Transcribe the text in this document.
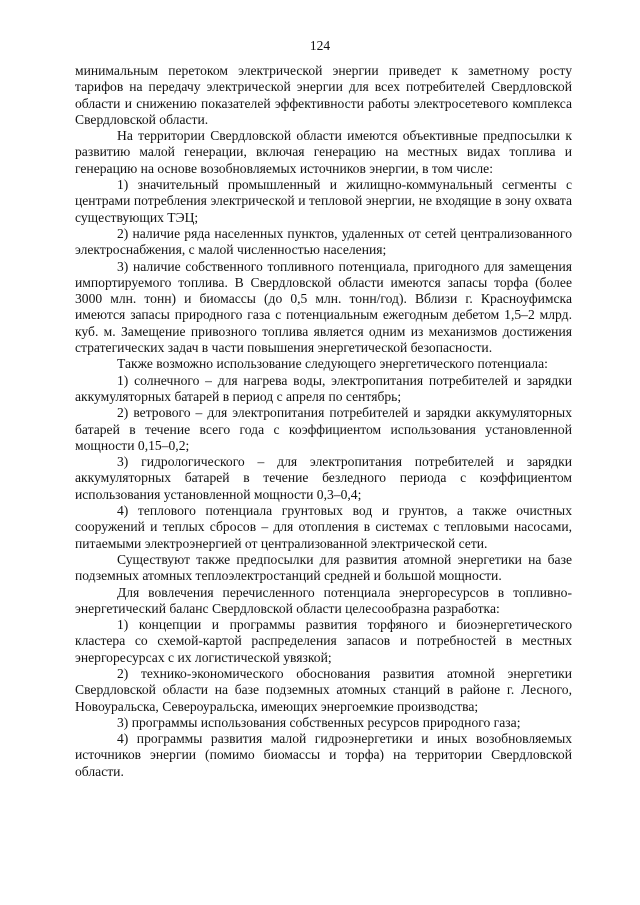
124

минимальным перетоком электрической энергии приведет к заметному росту тарифов на передачу электрической энергии для всех потребителей Свердловской области и снижению показателей эффективности работы электросетевого комплекса Свердловской области.

На территории Свердловской области имеются объективные предпосылки к развитию малой генерации, включая генерацию на местных видах топлива и генерацию на основе возобновляемых источников энергии, в том числе:

1) значительный промышленный и жилищно-коммунальный сегменты с центрами потребления электрической и тепловой энергии, не входящие в зону охвата существующих ТЭЦ;

2) наличие ряда населенных пунктов, удаленных от сетей централизованного электроснабжения, с малой численностью населения;

3) наличие собственного топливного потенциала, пригодного для замещения импортируемого топлива. В Свердловской области имеются запасы торфа (более 3000 млн. тонн) и биомассы (до 0,5 млн. тонн/год). Вблизи г. Красноуфимска имеются запасы природного газа с потенциальным ежегодным дебетом 1,5–2 млрд. куб. м. Замещение привозного топлива является одним из механизмов достижения стратегических задач в части повышения энергетической безопасности.

Также возможно использование следующего энергетического потенциала:

1) солнечного – для нагрева воды, электропитания потребителей и зарядки аккумуляторных батарей в период с апреля по сентябрь;

2) ветрового – для электропитания потребителей и зарядки аккумуляторных батарей в течение всего года с коэффициентом использования установленной мощности 0,15–0,2;

3) гидрологического – для электропитания потребителей и зарядки аккумуляторных батарей в течение безледного периода с коэффициентом использования установленной мощности 0,3–0,4;

4) теплового потенциала грунтовых вод и грунтов, а также очистных сооружений и теплых сбросов – для отопления в системах с тепловыми насосами, питаемыми электроэнергией от централизованной электрической сети.

Существуют также предпосылки для развития атомной энергетики на базе подземных атомных теплоэлектростанций средней и большой мощности.

Для вовлечения перечисленного потенциала энергоресурсов в топливно-энергетический баланс Свердловской области целесообразна разработка:

1) концепции и программы развития торфяного и биоэнергетического кластера со схемой-картой распределения запасов и потребностей в местных энергоресурсах с их логистической увязкой;

2) технико-экономического обоснования развития атомной энергетики Свердловской области на базе подземных атомных станций в районе г. Лесного, Новоуральска, Североуральска, имеющих энергоемкие производства;

3) программы использования собственных ресурсов природного газа;

4) программы развития малой гидроэнергетики и иных возобновляемых источников энергии (помимо биомассы и торфа) на территории Свердловской области.
